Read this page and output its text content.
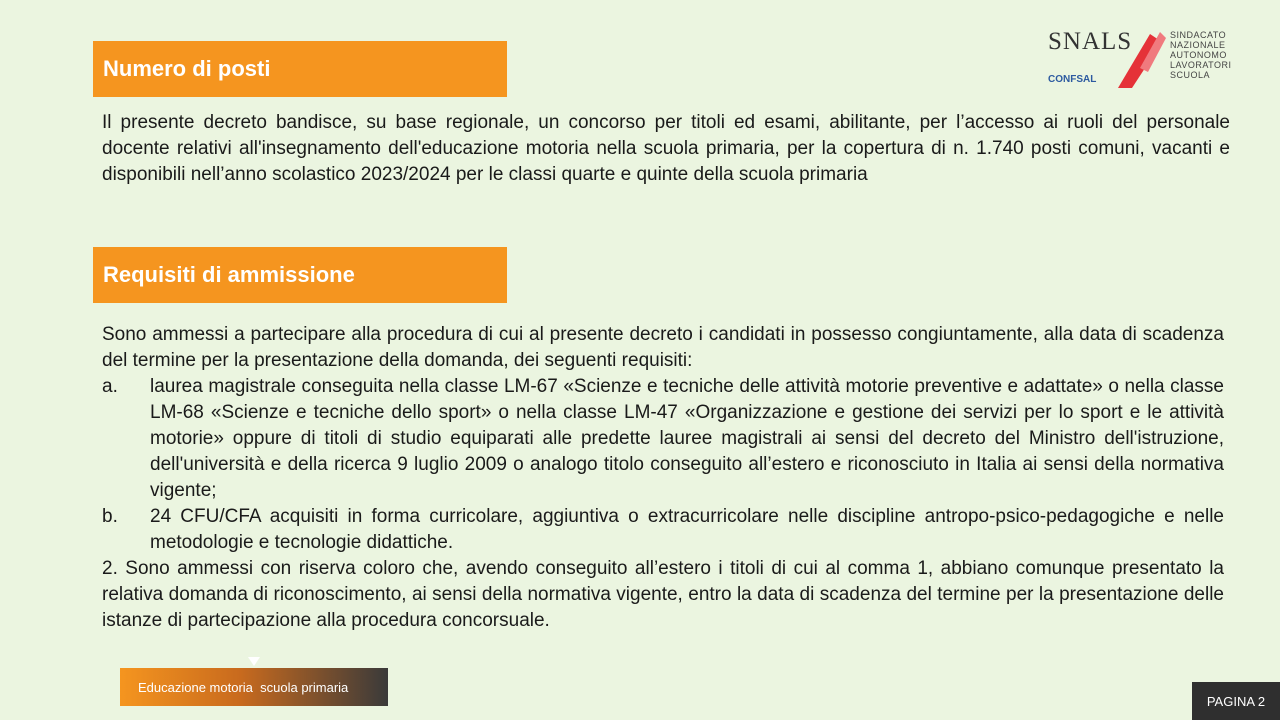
SNALS
CONFSAL
SINDACATO
NAZIONALE
AUTONOMO
LAVORATORI
SCUOLA
Numero di posti
Il presente decreto bandisce, su base regionale, un concorso per titoli ed esami, abilitante, per l’accesso ai ruoli del personale docente relativi all'insegnamento dell'educazione motoria nella scuola primaria, per la copertura di n. 1.740 posti comuni, vacanti e disponibili nell’anno scolastico 2023/2024 per le classi quarte e quinte della scuola primaria
Requisiti di ammissione
Sono ammessi a partecipare alla procedura di cui al presente decreto i candidati in possesso congiuntamente, alla data di scadenza del termine per la presentazione della domanda, dei seguenti requisiti:
a.	laurea magistrale conseguita nella classe LM-67 «Scienze e tecniche delle attività motorie preventive e adattate» o nella classe LM-68 «Scienze e tecniche dello sport» o nella classe LM-47 «Organizzazione e gestione dei servizi per lo sport e le attività motorie» oppure di titoli di studio equiparati alle predette lauree magistrali ai sensi del decreto del Ministro dell'istruzione, dell'università e della ricerca 9 luglio 2009 o analogo titolo conseguito all’estero e riconosciuto in Italia ai sensi della normativa vigente;
b.	24 CFU/CFA acquisiti in forma curricolare, aggiuntiva o extracurricolare nelle discipline antropo-psico-pedagogiche e nelle metodologie e tecnologie didattiche.
2. Sono ammessi con riserva coloro che, avendo conseguito all’estero i titoli di cui al comma 1, abbiano comunque presentato la relativa domanda di riconoscimento, ai sensi della normativa vigente, entro la data di scadenza del termine per la presentazione delle istanze di partecipazione alla procedura concorsuale.
Educazione motoria  scuola primaria
PAGINA 2
